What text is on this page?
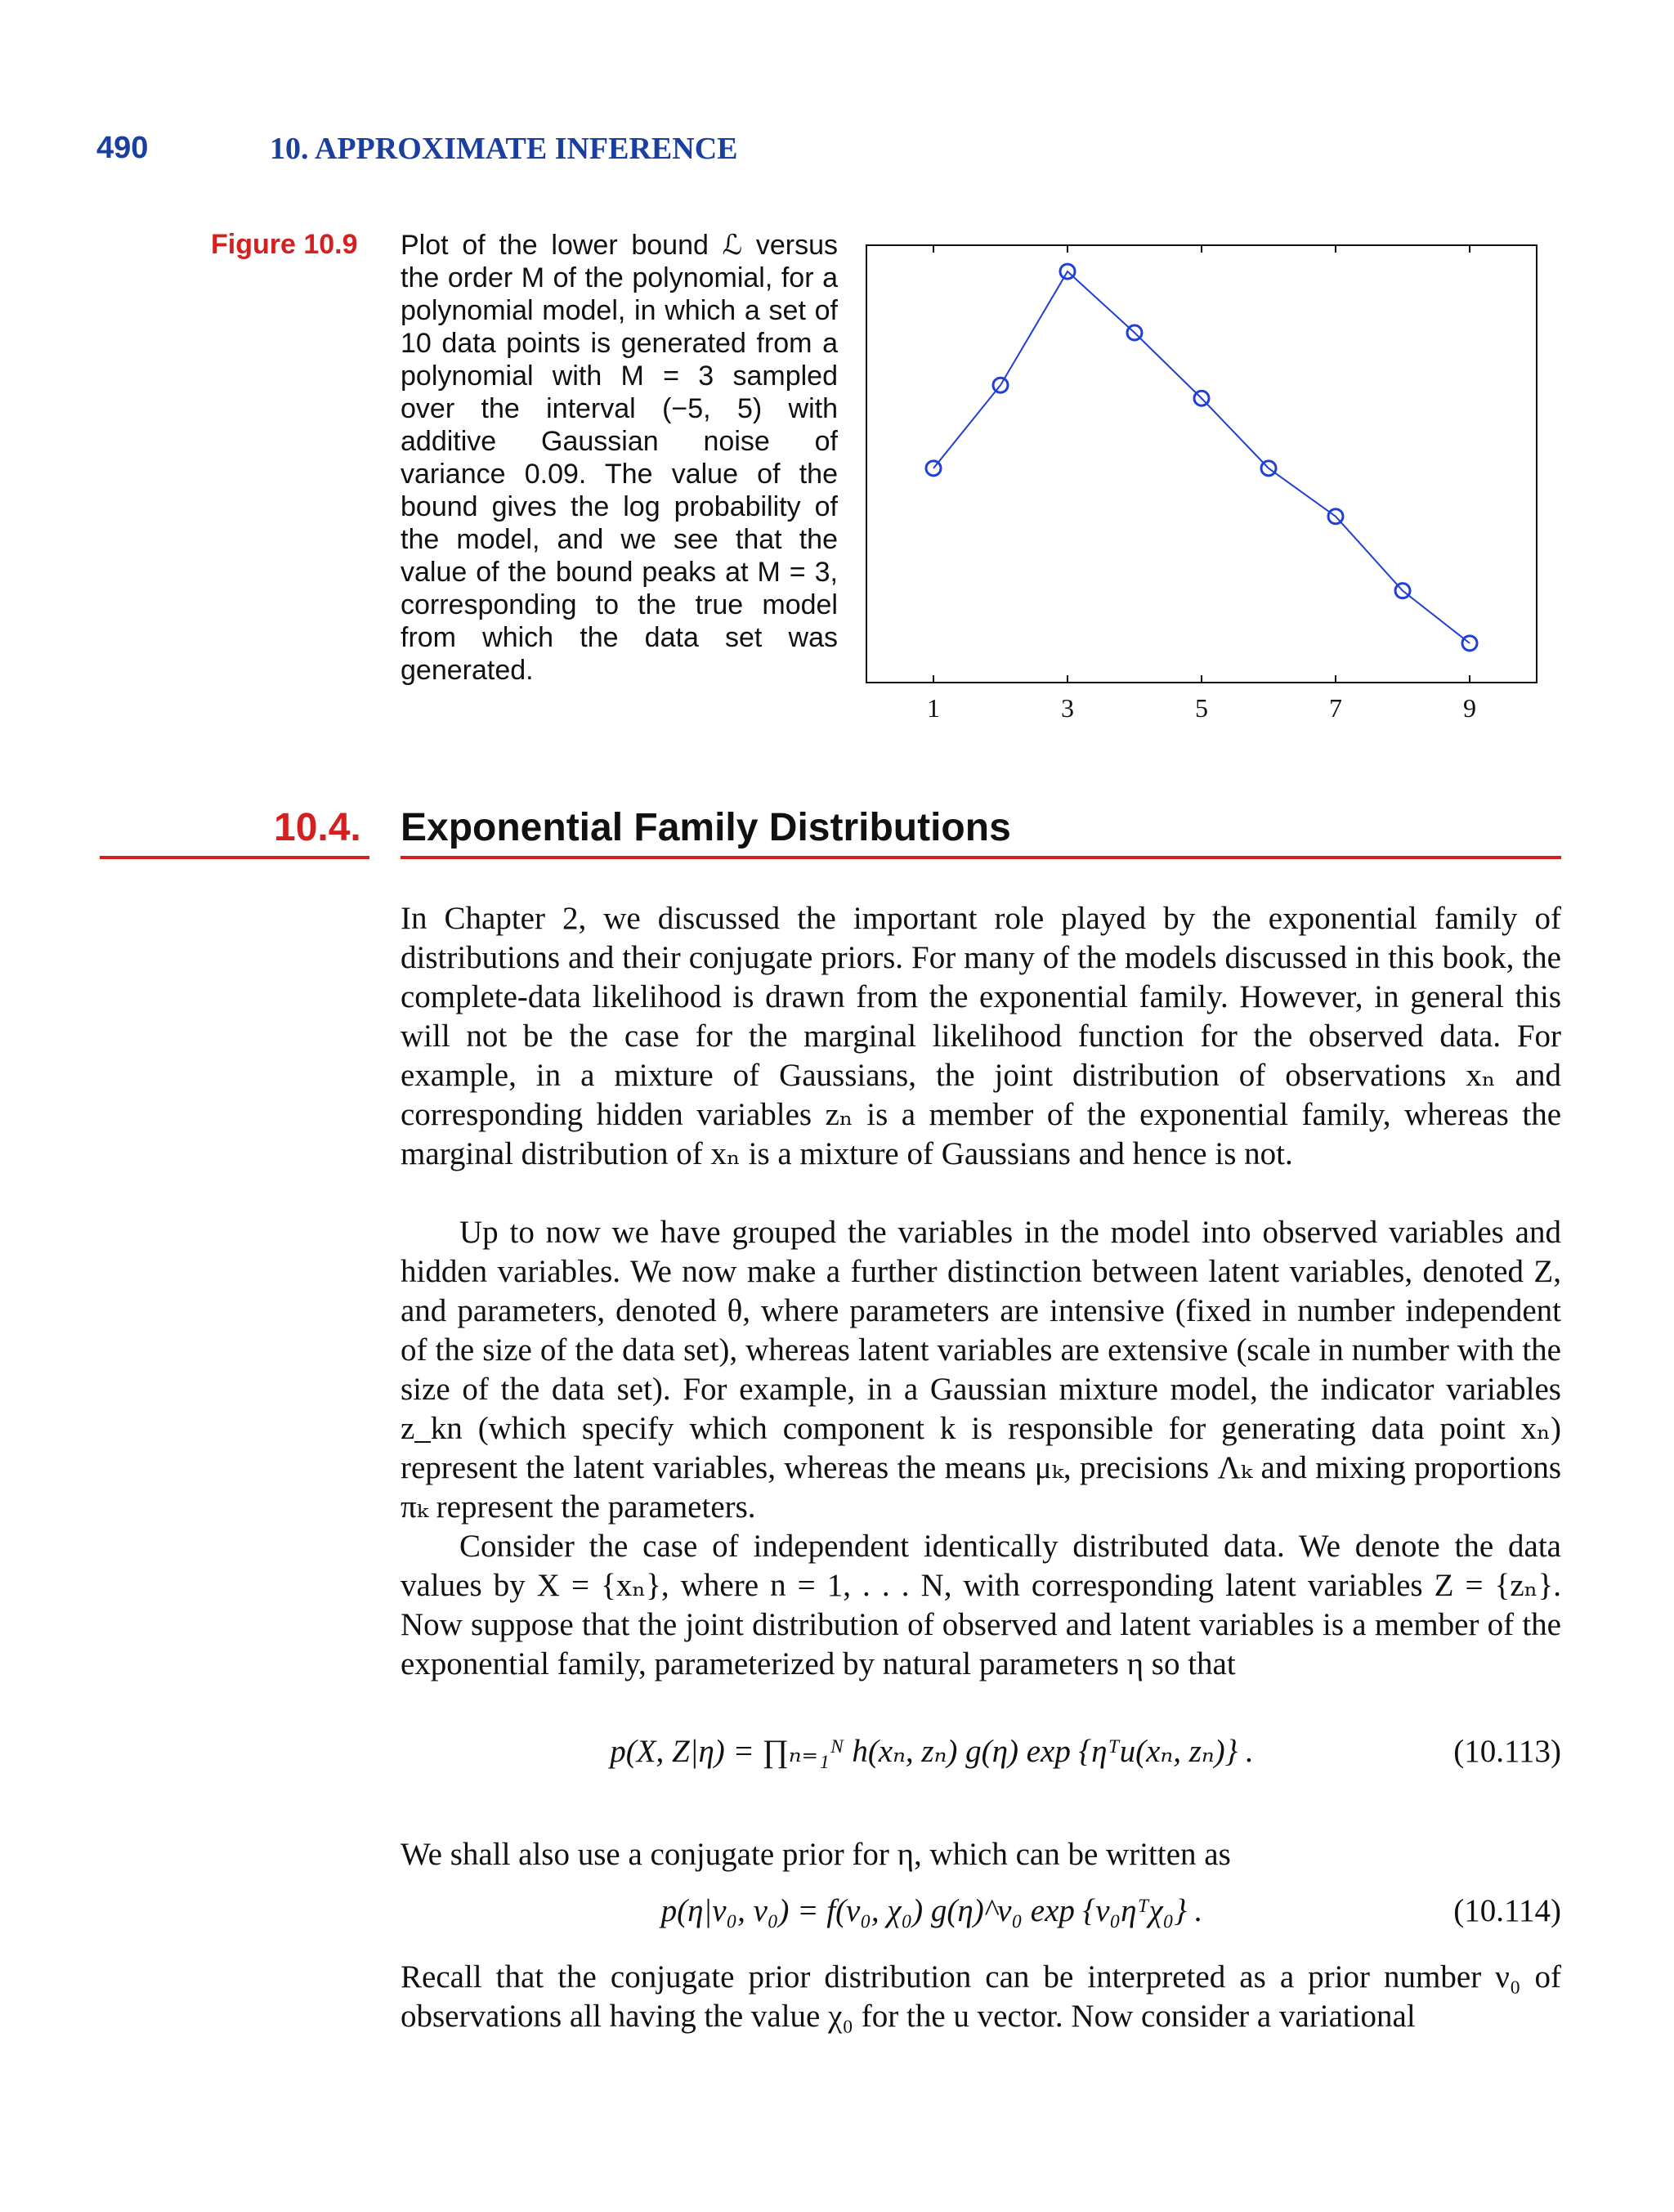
490	10. APPROXIMATE INFERENCE
Figure 10.9 Plot of the lower bound ℒ versus the order M of the polynomial, for a polynomial model, in which a set of 10 data points is generated from a polynomial with M = 3 sampled over the interval (−5, 5) with additive Gaussian noise of variance 0.09. The value of the bound gives the log probability of the model, and we see that the value of the bound peaks at M = 3, corresponding to the true model from which the data set was generated.
1	3	5	7	9
10.4. Exponential Family Distributions
In Chapter 2, we discussed the important role played by the exponential family of distributions and their conjugate priors. For many of the models discussed in this book, the complete-data likelihood is drawn from the exponential family. However, in general this will not be the case for the marginal likelihood function for the observed data. For example, in a mixture of Gaussians, the joint distribution of observations xₙ and corresponding hidden variables zₙ is a member of the exponential family, whereas the marginal distribution of xₙ is a mixture of Gaussians and hence is not.
Up to now we have grouped the variables in the model into observed variables and hidden variables. We now make a further distinction between latent variables, denoted Z, and parameters, denoted θ, where parameters are intensive (fixed in number independent of the size of the data set), whereas latent variables are extensive (scale in number with the size of the data set). For example, in a Gaussian mixture model, the indicator variables z_kn (which specify which component k is responsible for generating data point xₙ) represent the latent variables, whereas the means μₖ, precisions Λₖ and mixing proportions πₖ represent the parameters.
Consider the case of independent identically distributed data. We denote the data values by X = {xₙ}, where n = 1, . . . N, with corresponding latent variables Z = {zₙ}. Now suppose that the joint distribution of observed and latent variables is a member of the exponential family, parameterized by natural parameters η so that
p(X, Z|η) = ∏ₙ₌₁ᴺ h(xₙ, zₙ) g(η) exp {ηᵀu(xₙ, zₙ)} .	(10.113)
We shall also use a conjugate prior for η, which can be written as
p(η|ν₀, v₀) = f(ν₀, χ₀) g(η)^ν₀ exp {ν₀ηᵀχ₀} .	(10.114)
Recall that the conjugate prior distribution can be interpreted as a prior number ν₀ of observations all having the value χ₀ for the u vector. Now consider a variational
